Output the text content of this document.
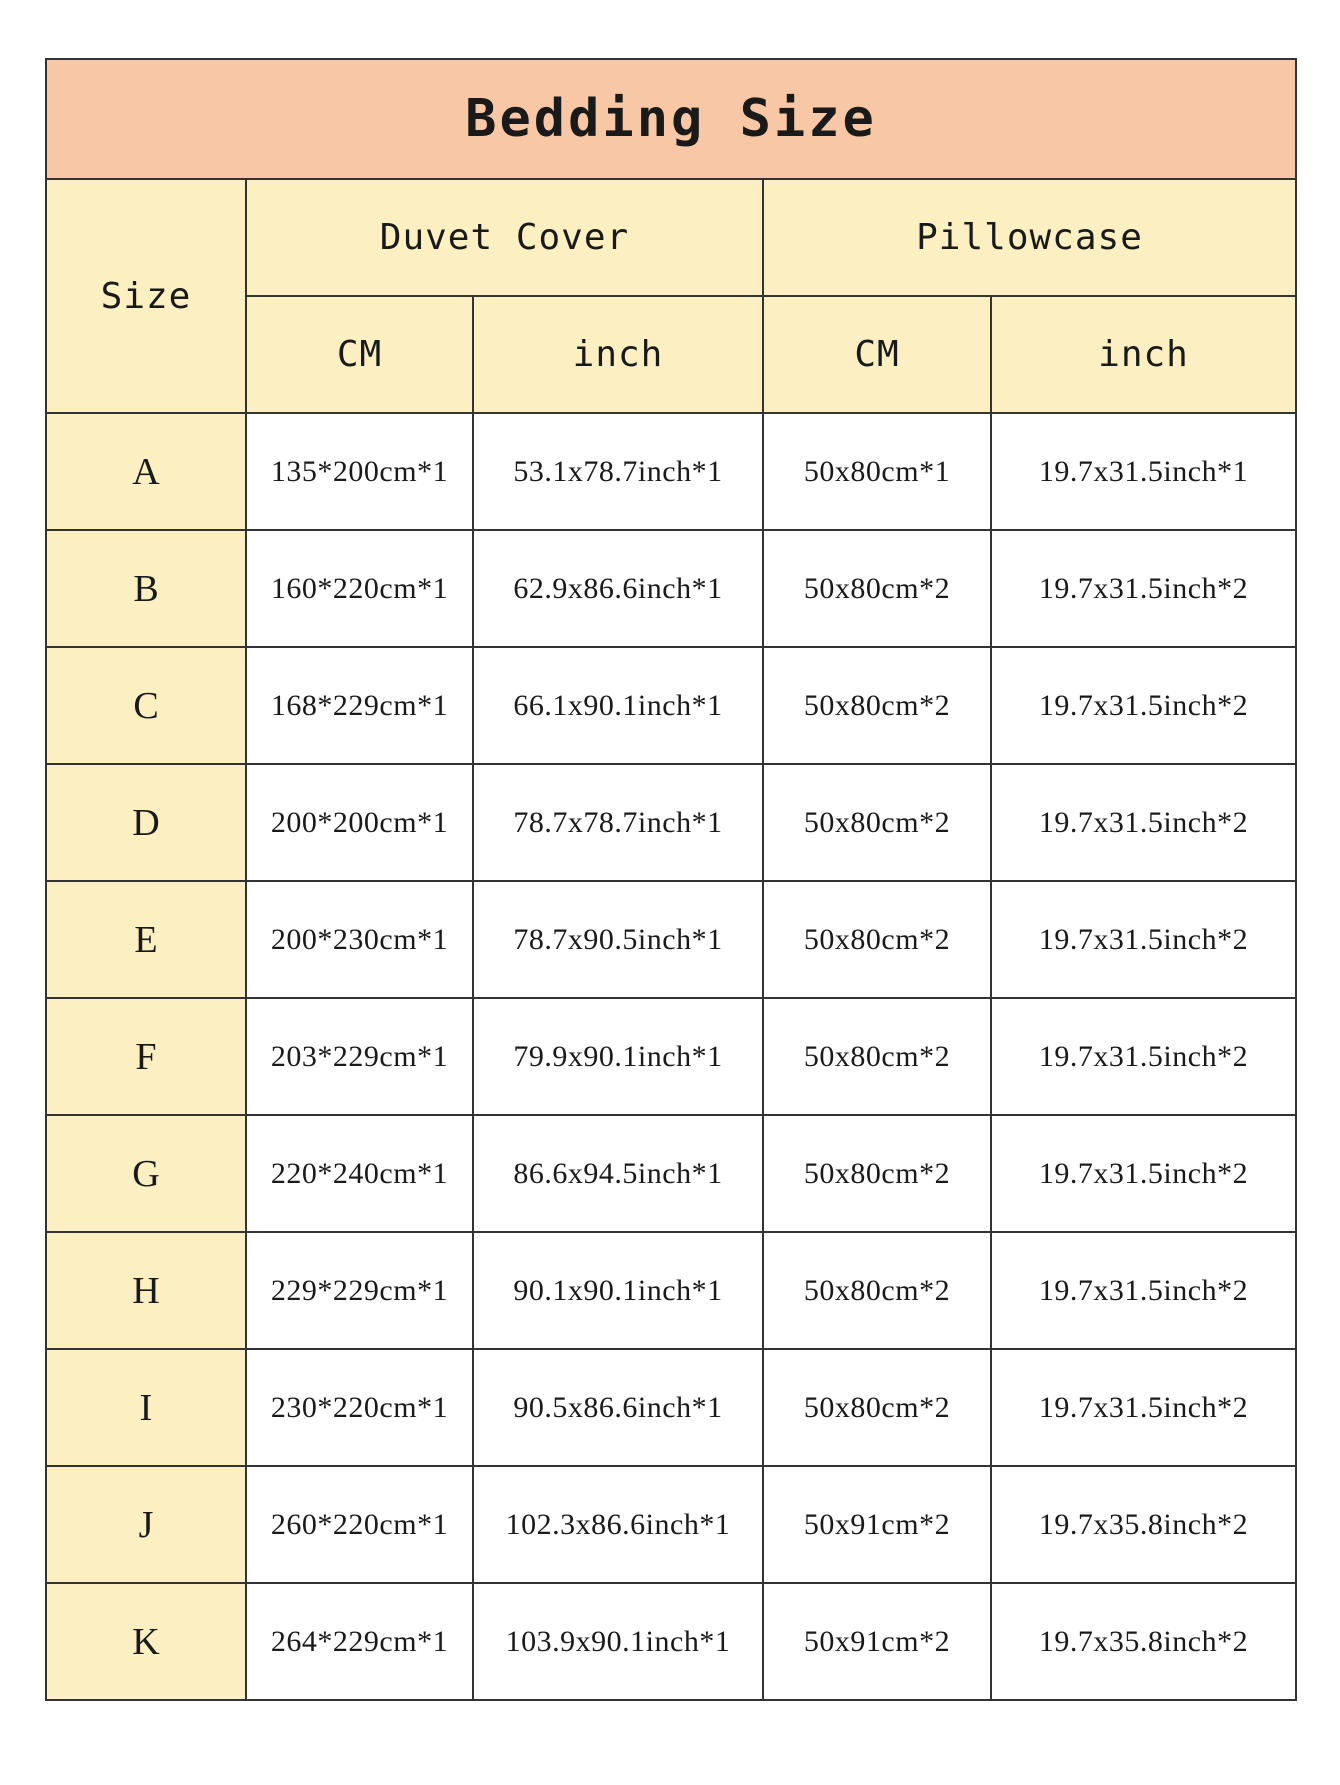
Bedding Size				
Size	Duvet Cover		Pillowcase	
	CM	inch	CM	inch
A	135*200cm*1	53.1x78.7inch*1	50x80cm*1	19.7x31.5inch*1
B	160*220cm*1	62.9x86.6inch*1	50x80cm*2	19.7x31.5inch*2
C	168*229cm*1	66.1x90.1inch*1	50x80cm*2	19.7x31.5inch*2
D	200*200cm*1	78.7x78.7inch*1	50x80cm*2	19.7x31.5inch*2
E	200*230cm*1	78.7x90.5inch*1	50x80cm*2	19.7x31.5inch*2
F	203*229cm*1	79.9x90.1inch*1	50x80cm*2	19.7x31.5inch*2
G	220*240cm*1	86.6x94.5inch*1	50x80cm*2	19.7x31.5inch*2
H	229*229cm*1	90.1x90.1inch*1	50x80cm*2	19.7x31.5inch*2
I	230*220cm*1	90.5x86.6inch*1	50x80cm*2	19.7x31.5inch*2
J	260*220cm*1	102.3x86.6inch*1	50x91cm*2	19.7x35.8inch*2
K	264*229cm*1	103.9x90.1inch*1	50x91cm*2	19.7x35.8inch*2
